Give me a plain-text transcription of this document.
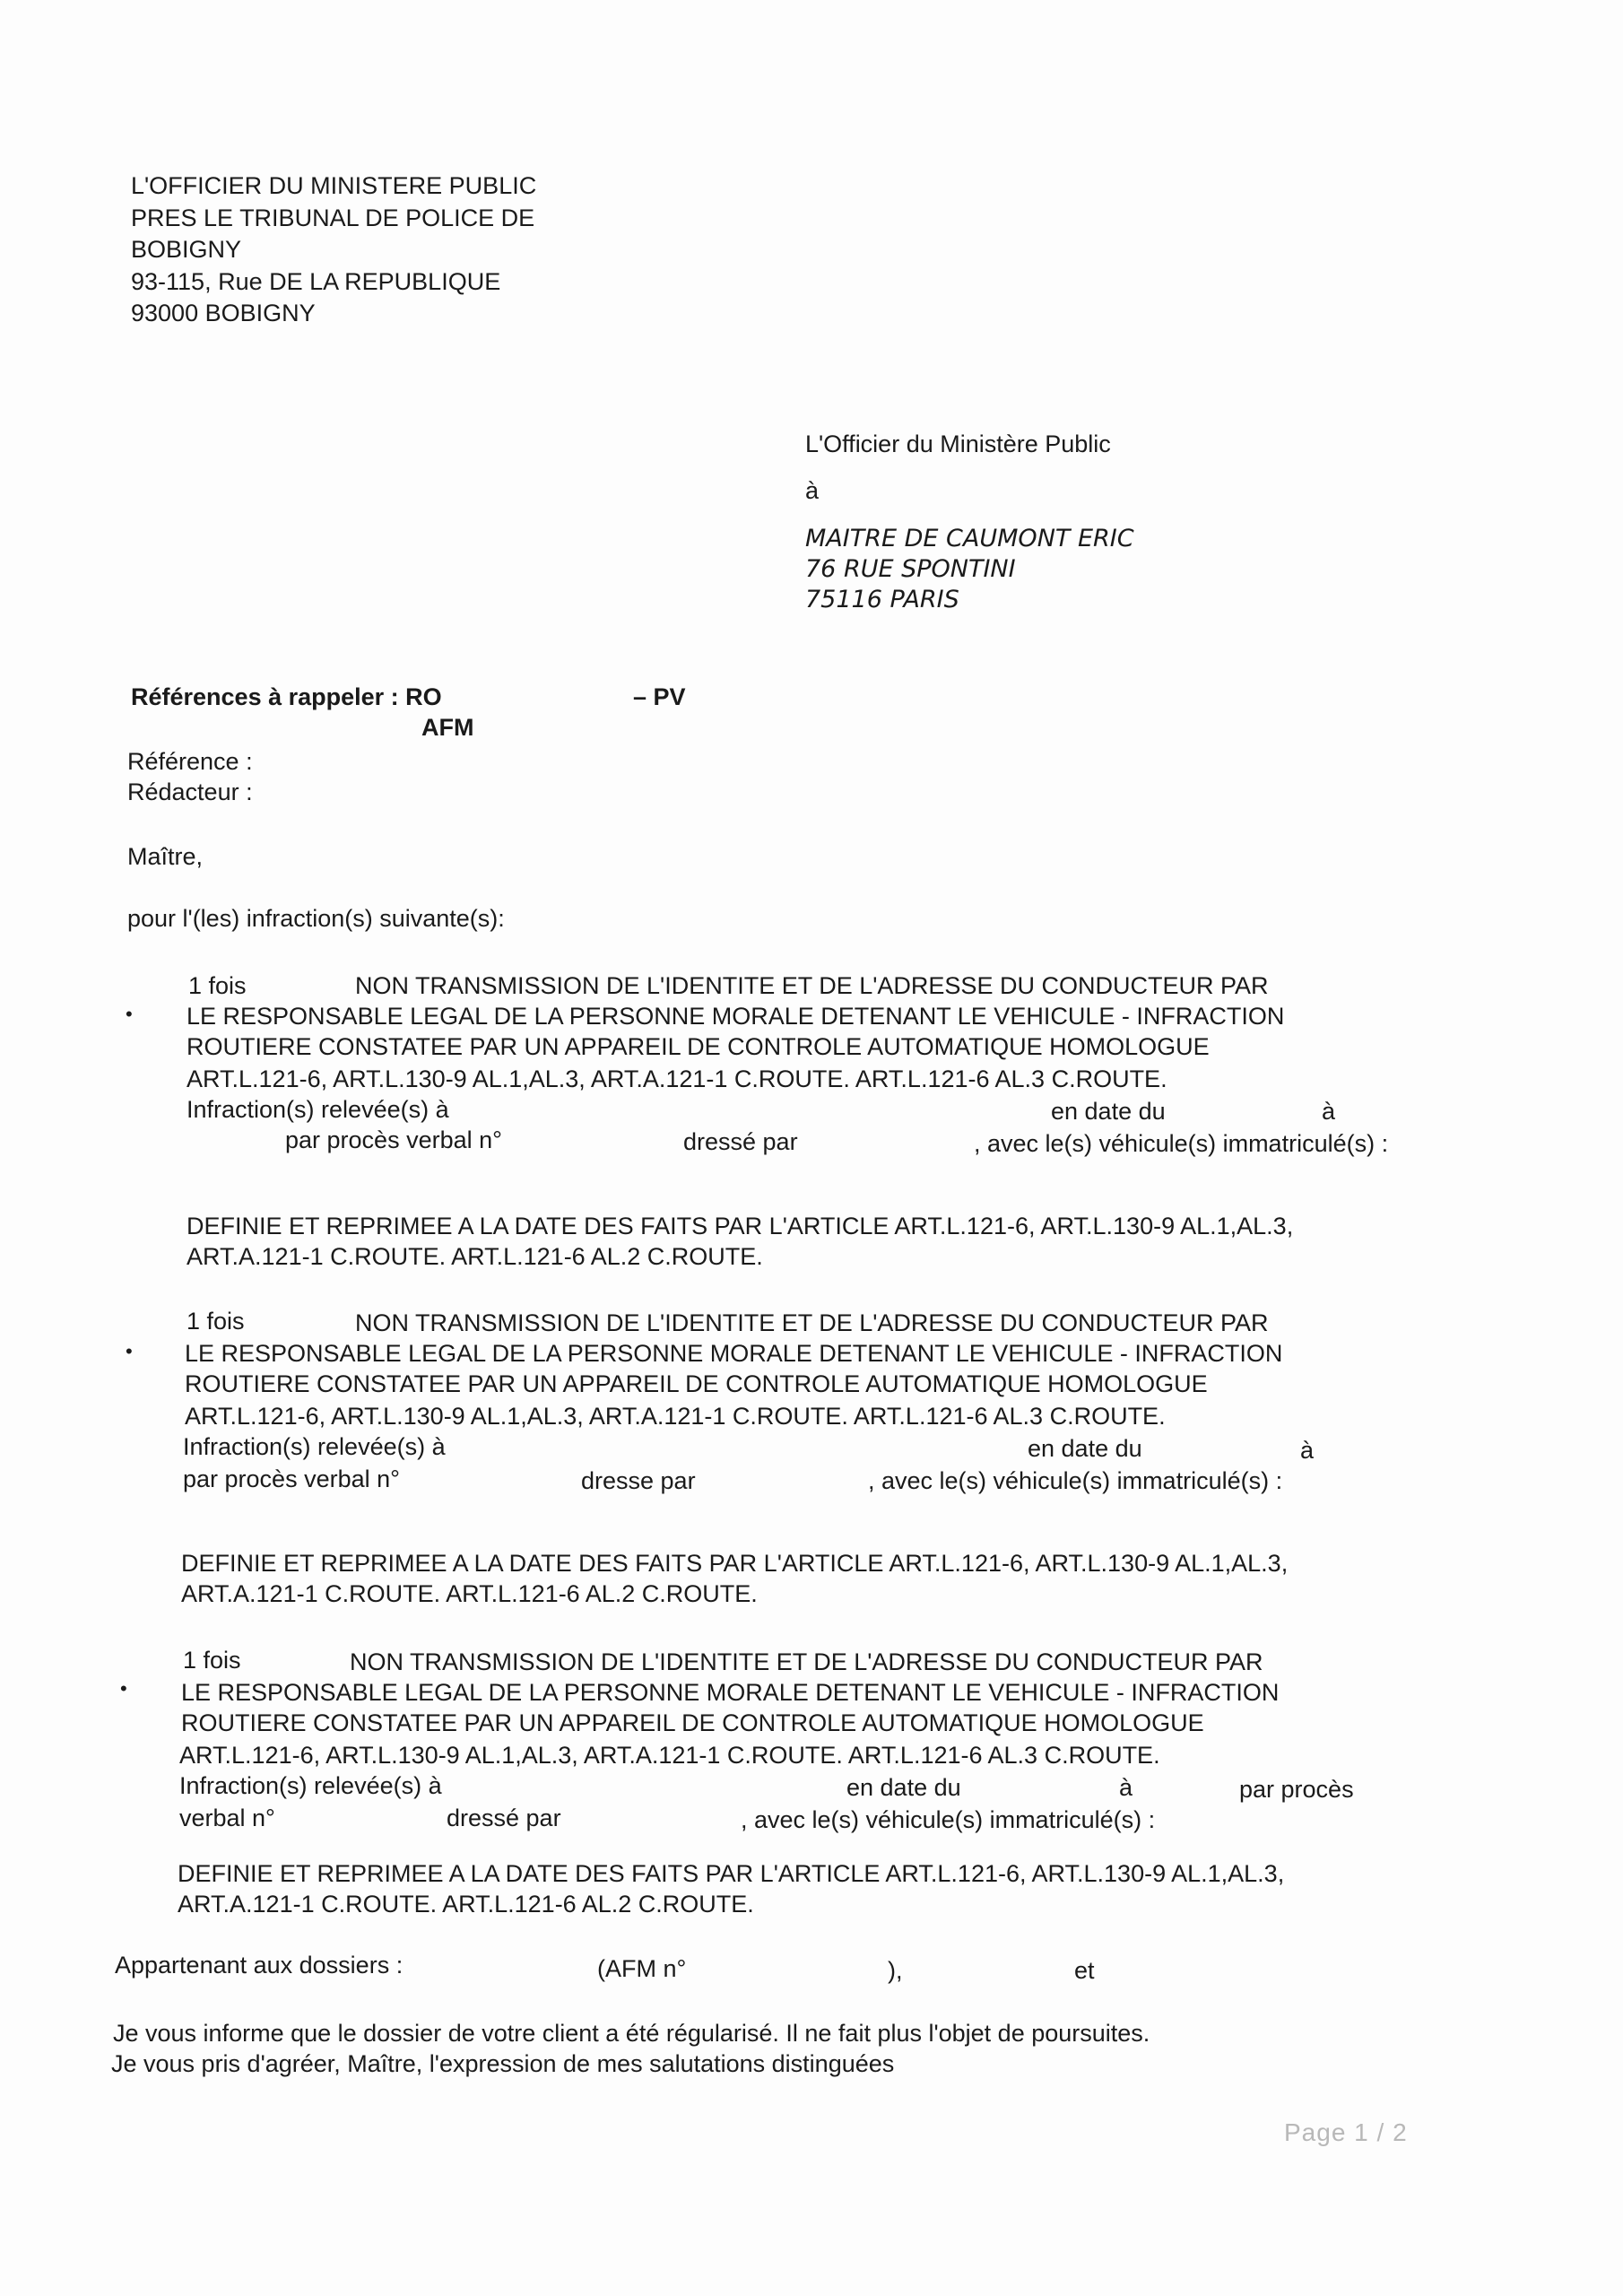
L'OFFICIER DU MINISTERE PUBLIC
PRES LE TRIBUNAL DE POLICE DE
BOBIGNY
93-115, Rue DE LA REPUBLIQUE
93000 BOBIGNY
L'Officier du Ministère Public
à
MAITRE DE CAUMONT ERIC
76 RUE SPONTINI
75116 PARIS
Références à rappeler : RO	– PV
AFM
Référence :
Rédacteur :
Maître,
pour l'(les) infraction(s) suivante(s):
•
1 fois	NON TRANSMISSION DE L'IDENTITE ET DE L'ADRESSE DU CONDUCTEUR PAR
LE RESPONSABLE LEGAL DE LA PERSONNE MORALE DETENANT LE VEHICULE - INFRACTION
ROUTIERE CONSTATEE PAR UN APPAREIL DE CONTROLE AUTOMATIQUE HOMOLOGUE
ART.L.121-6, ART.L.130-9 AL.1,AL.3, ART.A.121-1 C.ROUTE. ART.L.121-6 AL.3 C.ROUTE.
Infraction(s) relevée(s) à	en date du	à
par procès verbal n°	dressé par	, avec le(s) véhicule(s) immatriculé(s) :
DEFINIE ET REPRIMEE A LA DATE DES FAITS PAR L'ARTICLE ART.L.121-6, ART.L.130-9 AL.1,AL.3,
ART.A.121-1 C.ROUTE. ART.L.121-6 AL.2 C.ROUTE.
•
1 fois	NON TRANSMISSION DE L'IDENTITE ET DE L'ADRESSE DU CONDUCTEUR PAR
LE RESPONSABLE LEGAL DE LA PERSONNE MORALE DETENANT LE VEHICULE - INFRACTION
ROUTIERE CONSTATEE PAR UN APPAREIL DE CONTROLE AUTOMATIQUE HOMOLOGUE
ART.L.121-6, ART.L.130-9 AL.1,AL.3, ART.A.121-1 C.ROUTE. ART.L.121-6 AL.3 C.ROUTE.
Infraction(s) relevée(s) à	en date du	à
par procès verbal n°	dresse par	, avec le(s) véhicule(s) immatriculé(s) :
DEFINIE ET REPRIMEE A LA DATE DES FAITS PAR L'ARTICLE ART.L.121-6, ART.L.130-9 AL.1,AL.3,
ART.A.121-1 C.ROUTE. ART.L.121-6 AL.2 C.ROUTE.
•
1 fois	NON TRANSMISSION DE L'IDENTITE ET DE L'ADRESSE DU CONDUCTEUR PAR
LE RESPONSABLE LEGAL DE LA PERSONNE MORALE DETENANT LE VEHICULE - INFRACTION
ROUTIERE CONSTATEE PAR UN APPAREIL DE CONTROLE AUTOMATIQUE HOMOLOGUE
ART.L.121-6, ART.L.130-9 AL.1,AL.3, ART.A.121-1 C.ROUTE. ART.L.121-6 AL.3 C.ROUTE.
Infraction(s) relevée(s) à	en date du	à	par procès
verbal n°	dressé par	, avec le(s) véhicule(s) immatriculé(s) :
DEFINIE ET REPRIMEE A LA DATE DES FAITS PAR L'ARTICLE ART.L.121-6, ART.L.130-9 AL.1,AL.3,
ART.A.121-1 C.ROUTE. ART.L.121-6 AL.2 C.ROUTE.
Appartenant aux dossiers :	(AFM n°	),	et
Je vous informe que le dossier de votre client a été régularisé. Il ne fait plus l'objet de poursuites.
Je vous pris d'agréer, Maître, l'expression de mes salutations distinguées
Page 1 / 2
